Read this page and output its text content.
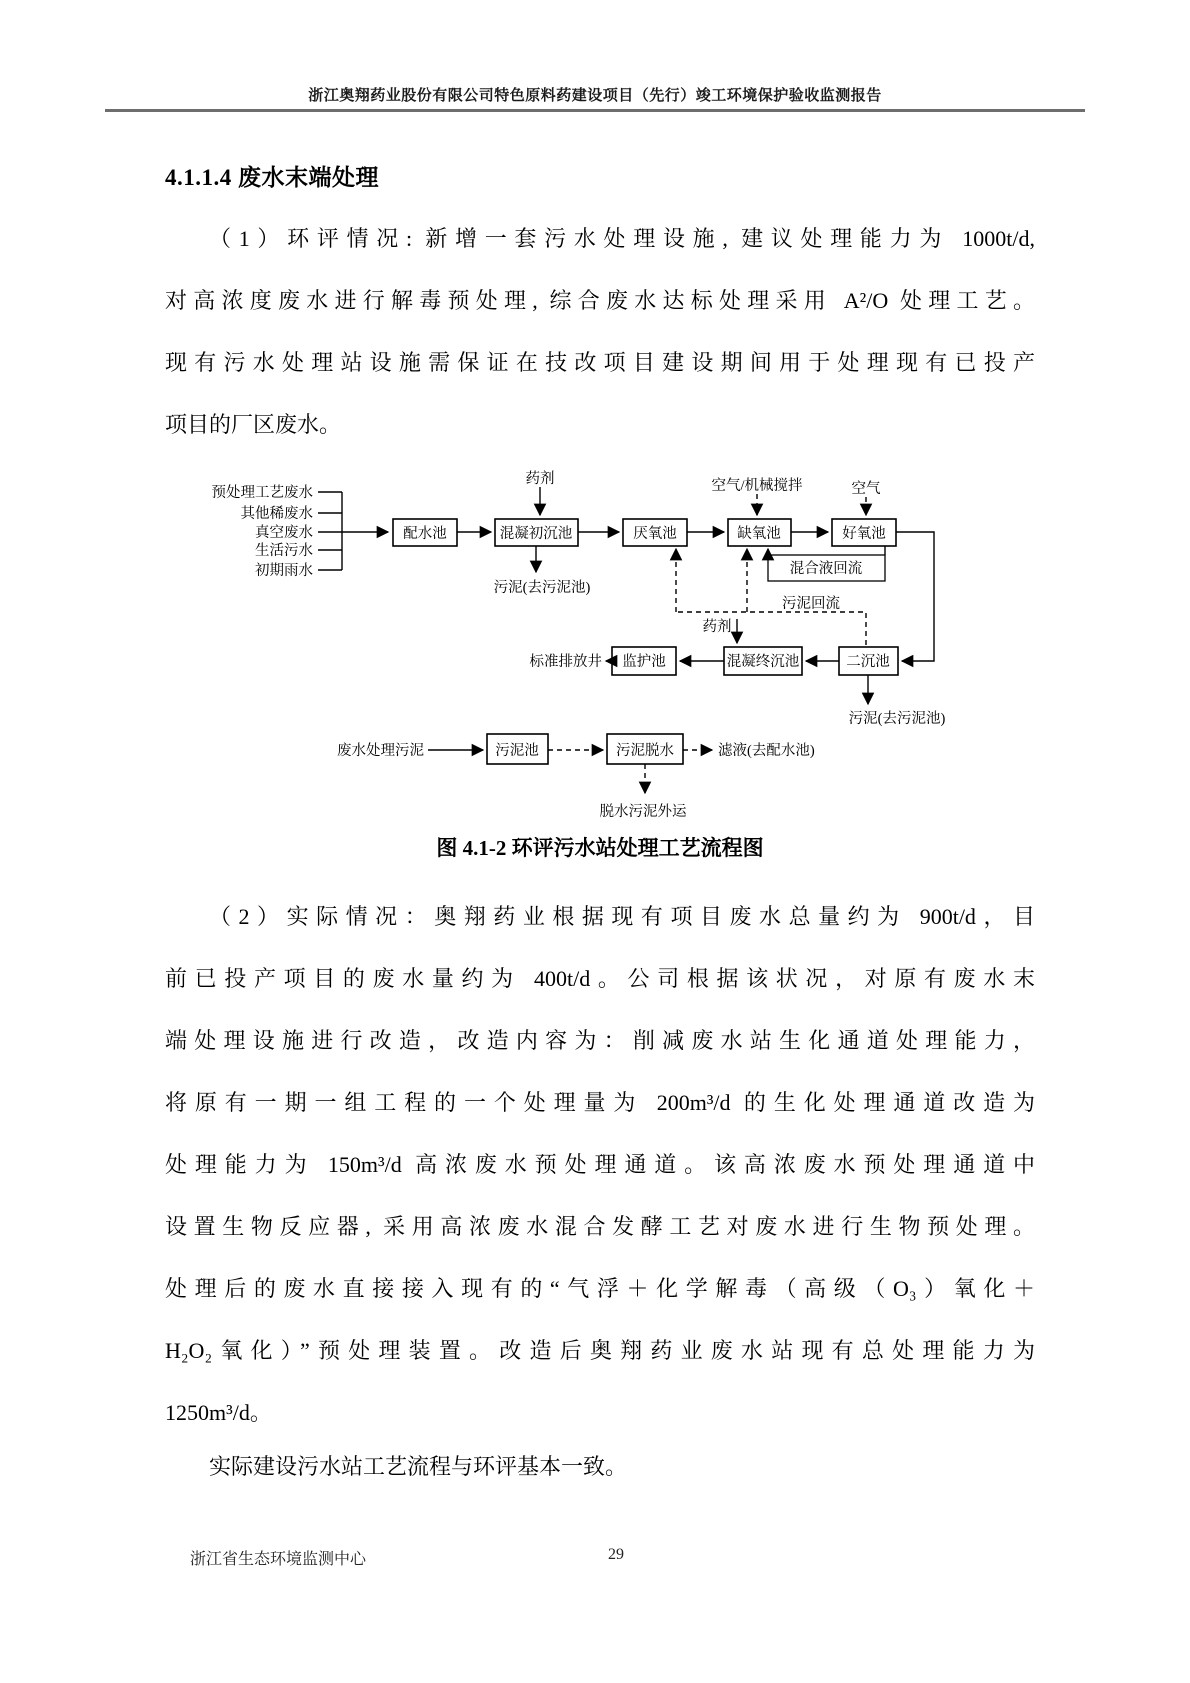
浙江奥翔药业股份有限公司特色原料药建设项目（先行）竣工环境保护验收监测报告
4.1.1.4 废水末端处理
（1）环评情况: 新增一套污水处理设施, 建议处理能力为 1000t/d,
对高浓度废水进行解毒预处理, 综合废水达标处理采用 A²/O 处理工艺。
现有污水处理站设施需保证在技改项目建设期间用于处理现有已投产
项目的厂区废水。
预处理工艺废水
其他稀废水
真空废水
生活污水
初期雨水
配水池	混凝初沉池	厌氧池	缺氧池	好氧池
药剂	空气/机械搅拌	空气
污泥(去污泥池)
混合液回流
污泥回流
药剂
二沉池
混凝终沉池
监护池
标准排放井
污泥(去污泥池)
废水处理污泥	污泥池	污泥脱水	滤液(去配水池)
脱水污泥外运
图 4.1-2 环评污水站处理工艺流程图
（2）实际情况：奥翔药业根据现有项目废水总量约为 900t/d，目
前已投产项目的废水量约为 400t/d。公司根据该状况，对原有废水末
端处理设施进行改造，改造内容为：削减废水站生化通道处理能力，
将原有一期一组工程的一个处理量为 200m³/d 的生化处理通道改造为
处理能力为 150m³/d 高浓废水预处理通道。该高浓废水预处理通道中
设置生物反应器, 采用高浓废水混合发酵工艺对废水进行生物预处理。
处理后的废水直接接入现有的“气浮＋化学解毒（高级（O₃）氧化＋
H₂O₂氧化）”预处理装置。改造后奥翔药业废水站现有总处理能力为
1250m³/d。
实际建设污水站工艺流程与环评基本一致。
浙江省生态环境监测中心	29
